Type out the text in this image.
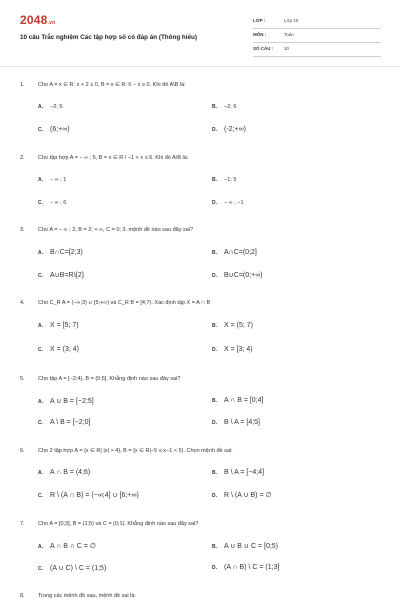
2048.vn
10 câu Trắc nghiệm Các tập hợp số có đáp án (Thông hiểu)
LỚP :	Lớp 10
MÔN :	Toán
SỐ CÂU : 10
1. Cho A = x ∈ R: x + 2 ≥ 0, B = x ∈ R: 6 − x ≥ 0. Khi đó A\B là:
A. −2; 5	B. −2; 6
C. (6;+∞)	D. (-2;+∞)
2. Cho tập hợp A = − ∞ ; 5, B = x ∈ R / −1 < x ≤ 6. Khi đó A\B là:
A. − ∞ ; 1	B. −1; 5
C. − ∞ ; 6	D. − ∞ ; −1
3. Cho A = − ∞ ; 2, B = 2; + ∞, C = 0; 3. mệnh đề nào sau đây sai?
A. B∩C=[2;3)	B. A∩C=(0;2]
C. A∪B=R\{2}	D. B∪C=(0;+∞)
4. Cho C_R A = (−∞;3) ∪ [5;+∞) và C_R B = [4;7). Xác định tập X = A ∩ B
A. X = [5; 7)	B. X = (5; 7)
C. X = (3; 4)	D. X = [3; 4)
5. Cho tập A = [−2;4), B = (0;5]. Khẳng định nào sau đây sai?
A. A ∪ B = [−2;5]	B. A ∩ B = [0;4]
C. A \ B = [−2;0]	D. B \ A = [4;5]
6. Cho 2 tập hợp A = {x ∈ R| |x| > 4}, B = {x ∈ R|−5 ≤ x−1 < 5}. Chọn mệnh đề sai:
A. A ∩ B = (4;6)	B. B \ A = [−4;4]
C. R \ (A ∩ B) = (−∞;4] ∪ [6;+∞)	D. R \ (A ∪ B) = ∅
7. Cho A = [0;3], B = (1;5) và C = (0;1). Khẳng định nào sau đây sai?
A. A ∩ B ∩ C = ∅	B. A ∪ B ∪ C = [0;5)
C. (A ∪ C) \ C = (1;5)	D. (A ∩ B) \ C = (1;3]
8. Trong các mệnh đề sau, mệnh đề sai là:
